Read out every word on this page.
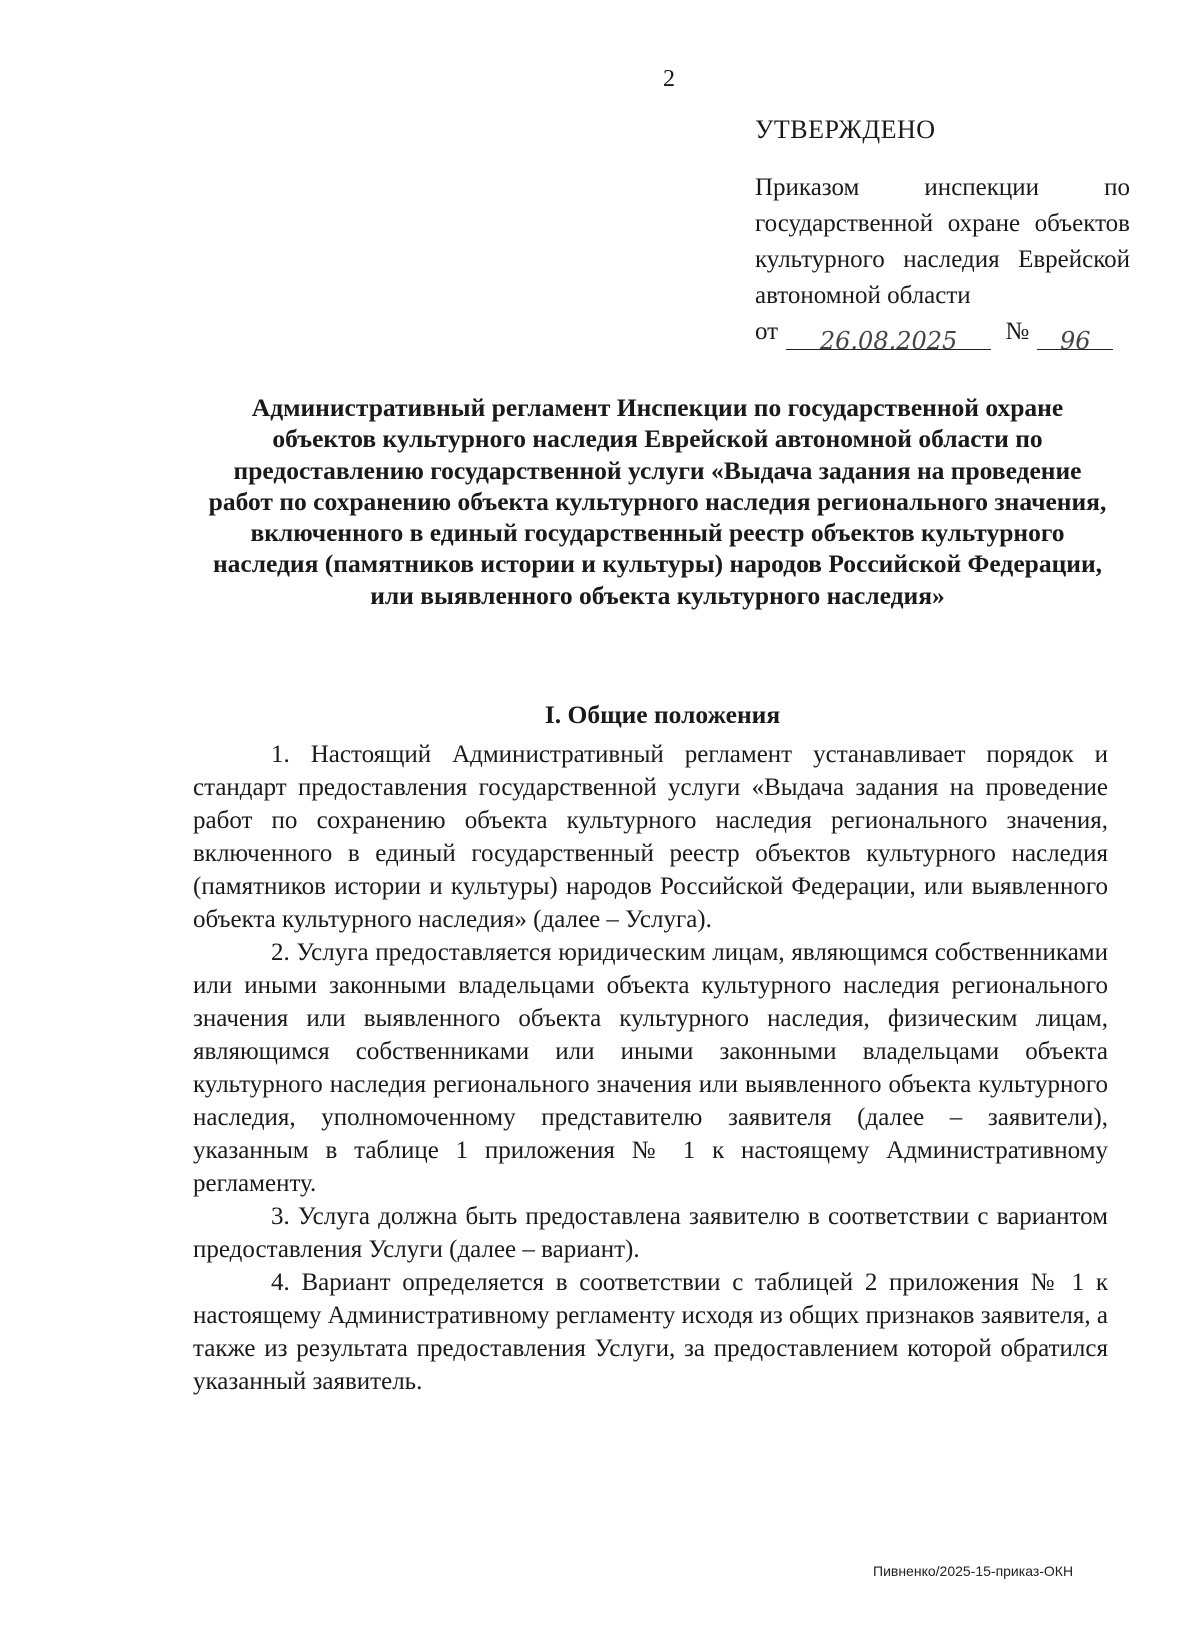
2
УТВЕРЖДЕНО
Приказом инспекции по государственной охране объектов культурного наследия Еврейской автономной области
от 26.08.2025 № 96
Административный регламент Инспекции по государственной охране объектов культурного наследия Еврейской автономной области по предоставлению государственной услуги «Выдача задания на проведение работ по сохранению объекта культурного наследия регионального значения, включенного в единый государственный реестр объектов культурного наследия (памятников истории и культуры) народов Российской Федерации, или выявленного объекта культурного наследия»
I. Общие положения

1. Настоящий Административный регламент устанавливает порядок и стандарт предоставления государственной услуги «Выдача задания на проведение работ по сохранению объекта культурного наследия регионального значения, включенного в единый государственный реестр объектов культурного наследия (памятников истории и культуры) народов Российской Федерации, или выявленного объекта культурного наследия» (далее – Услуга).

2. Услуга предоставляется юридическим лицам, являющимся собственниками или иными законными владельцами объекта культурного наследия регионального значения или выявленного объекта культурного наследия, физическим лицам, являющимся собственниками или иными законными владельцами объекта культурного наследия регионального значения или выявленного объекта культурного наследия, уполномоченному представителю заявителя (далее – заявители), указанным в таблице 1 приложения № 1 к настоящему Административному регламенту.

3. Услуга должна быть предоставлена заявителю в соответствии с вариантом предоставления Услуги (далее – вариант).

4. Вариант определяется в соответствии с таблицей 2 приложения № 1 к настоящему Административному регламенту исходя из общих признаков заявителя, а также из результата предоставления Услуги, за предоставлением которой обратился указанный заявитель.

Пивненко/2025-15-приказ-ОКН
